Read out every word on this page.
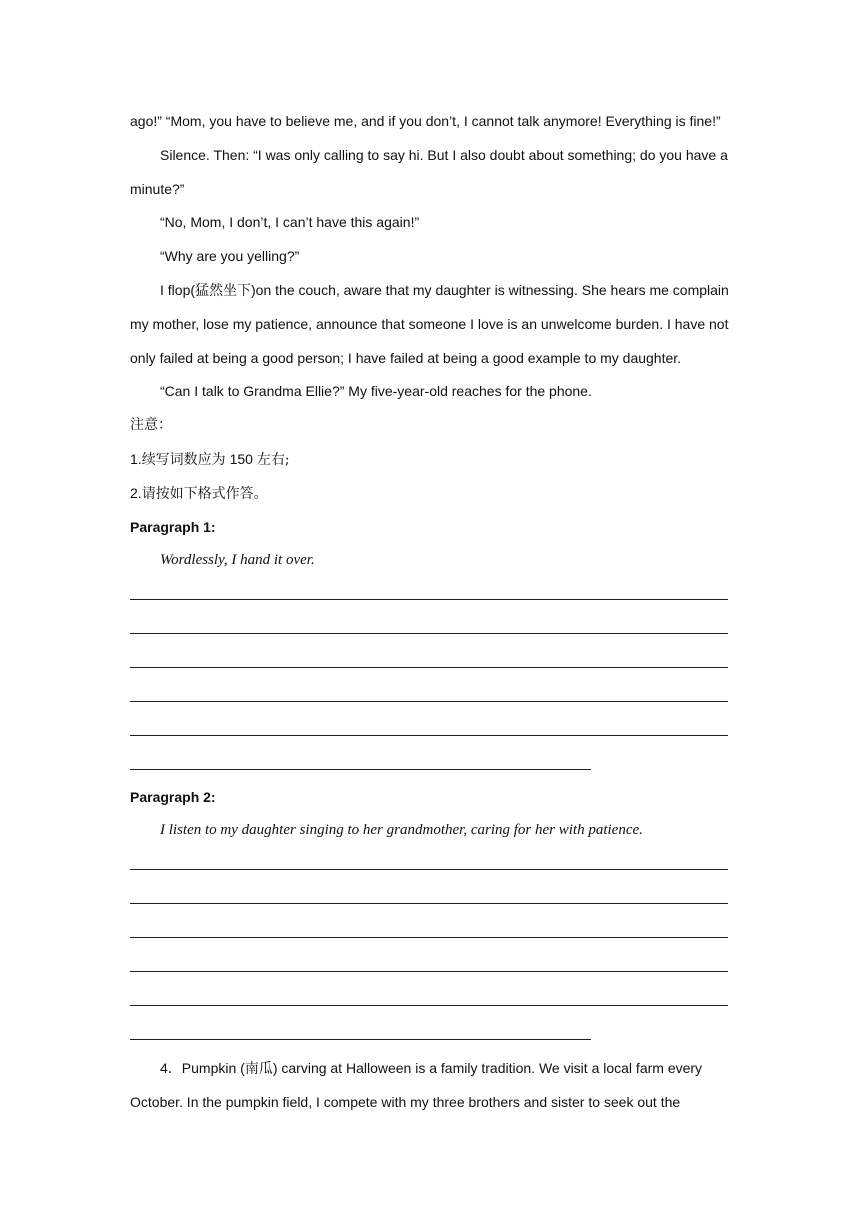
ago!” “Mom, you have to believe me, and if you don’t, I cannot talk anymore! Everything is fine!”
Silence. Then: “I was only calling to say hi. But I also doubt about something; do you have a
minute?”
“No, Mom, I don’t, I can’t have this again!”
“Why are you yelling?”
I flop(猛然坐下)on the couch, aware that my daughter is witnessing. She hears me complain
my mother, lose my patience, announce that someone I love is an unwelcome burden. I have not
only failed at being a good person; I have failed at being a good example to my daughter.
“Can I talk to Grandma Ellie?” My five-year-old reaches for the phone.
注意：
1.续写词数应为 150 左右;
2.请按如下格式作答。
Paragraph 1:
Wordlessly, I hand it over.
Paragraph 2:
I listen to my daughter singing to her grandmother, caring for her with patience.
4．Pumpkin (南瓜) carving at Halloween is a family tradition. We visit a local farm every
October. In the pumpkin field, I compete with my three brothers and sister to seek out the
